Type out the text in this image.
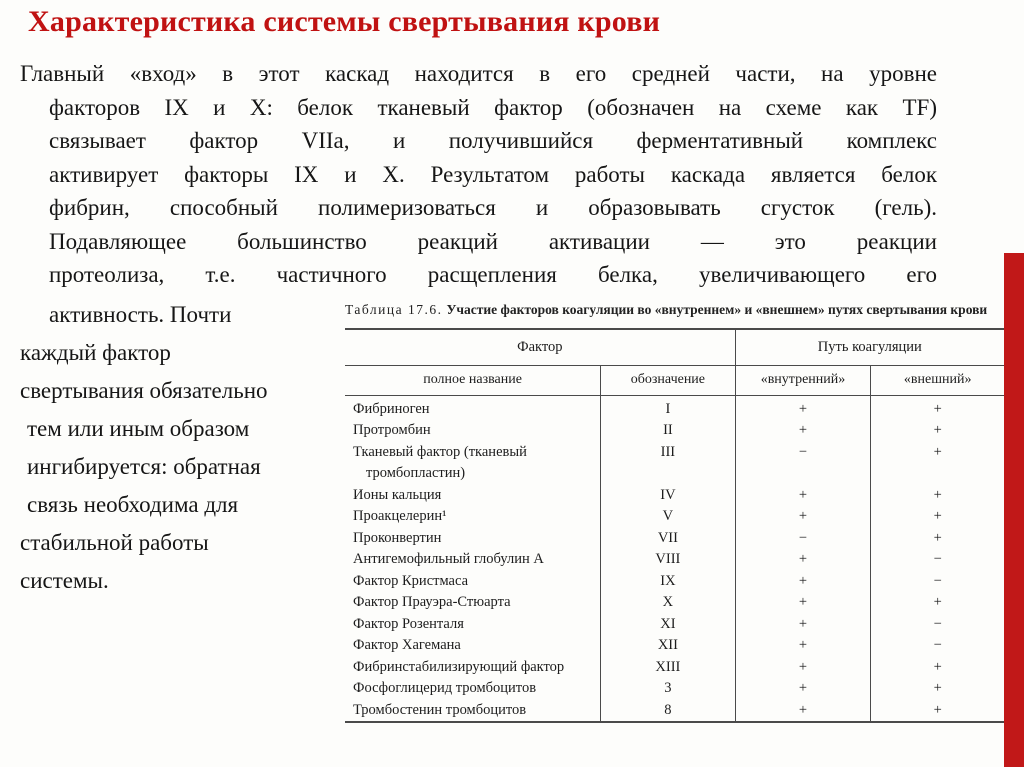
Характеристика системы свертывания крови
Главный «вход» в этот каскад находится в его средней части, на уровне
факторов IX и X: белок тканевый фактор (обозначен на схеме как TF)
связывает фактор VIIa, и получившийся ферментативный комплекс
активирует факторы IX и X. Результатом работы каскада является белок
фибрин, способный полимеризоваться и образовывать сгусток (гель).
Подавляющее большинство реакций активации — это реакции
протеолиза, т.е. частичного расщепления белка, увеличивающего его
активность. Почти
каждый фактор
свертывания обязательно
тем или иным образом
ингибируется: обратная
связь необходима для
стабильной работы
системы.
Таблица 17.6. Участие факторов коагуляции во «внутреннем» и «внешнем» путях свертывания крови
Фактор		Путь коагуляции	
полное название	обозначение	«внутренний»	«внешний»
Фибриноген	I	+	+
Протромбин	II	+	+
Тканевый фактор (тканевый тромбопластин)	III	−	+
Ионы кальция	IV	+	+
Проакцелерин¹	V	+	+
Проконвертин	VII	−	+
Антигемофильный глобулин А	VIII	+	−
Фактор Кристмаса	IX	+	−
Фактор Прауэра-Стюарта	X	+	+
Фактор Розенталя	XI	+	−
Фактор Хагемана	XII	+	−
Фибринстабилизирующий фактор	XIII	+	+
Фосфоглицерид тромбоцитов	3	+	+
Тромбостенин тромбоцитов	8	+	+
